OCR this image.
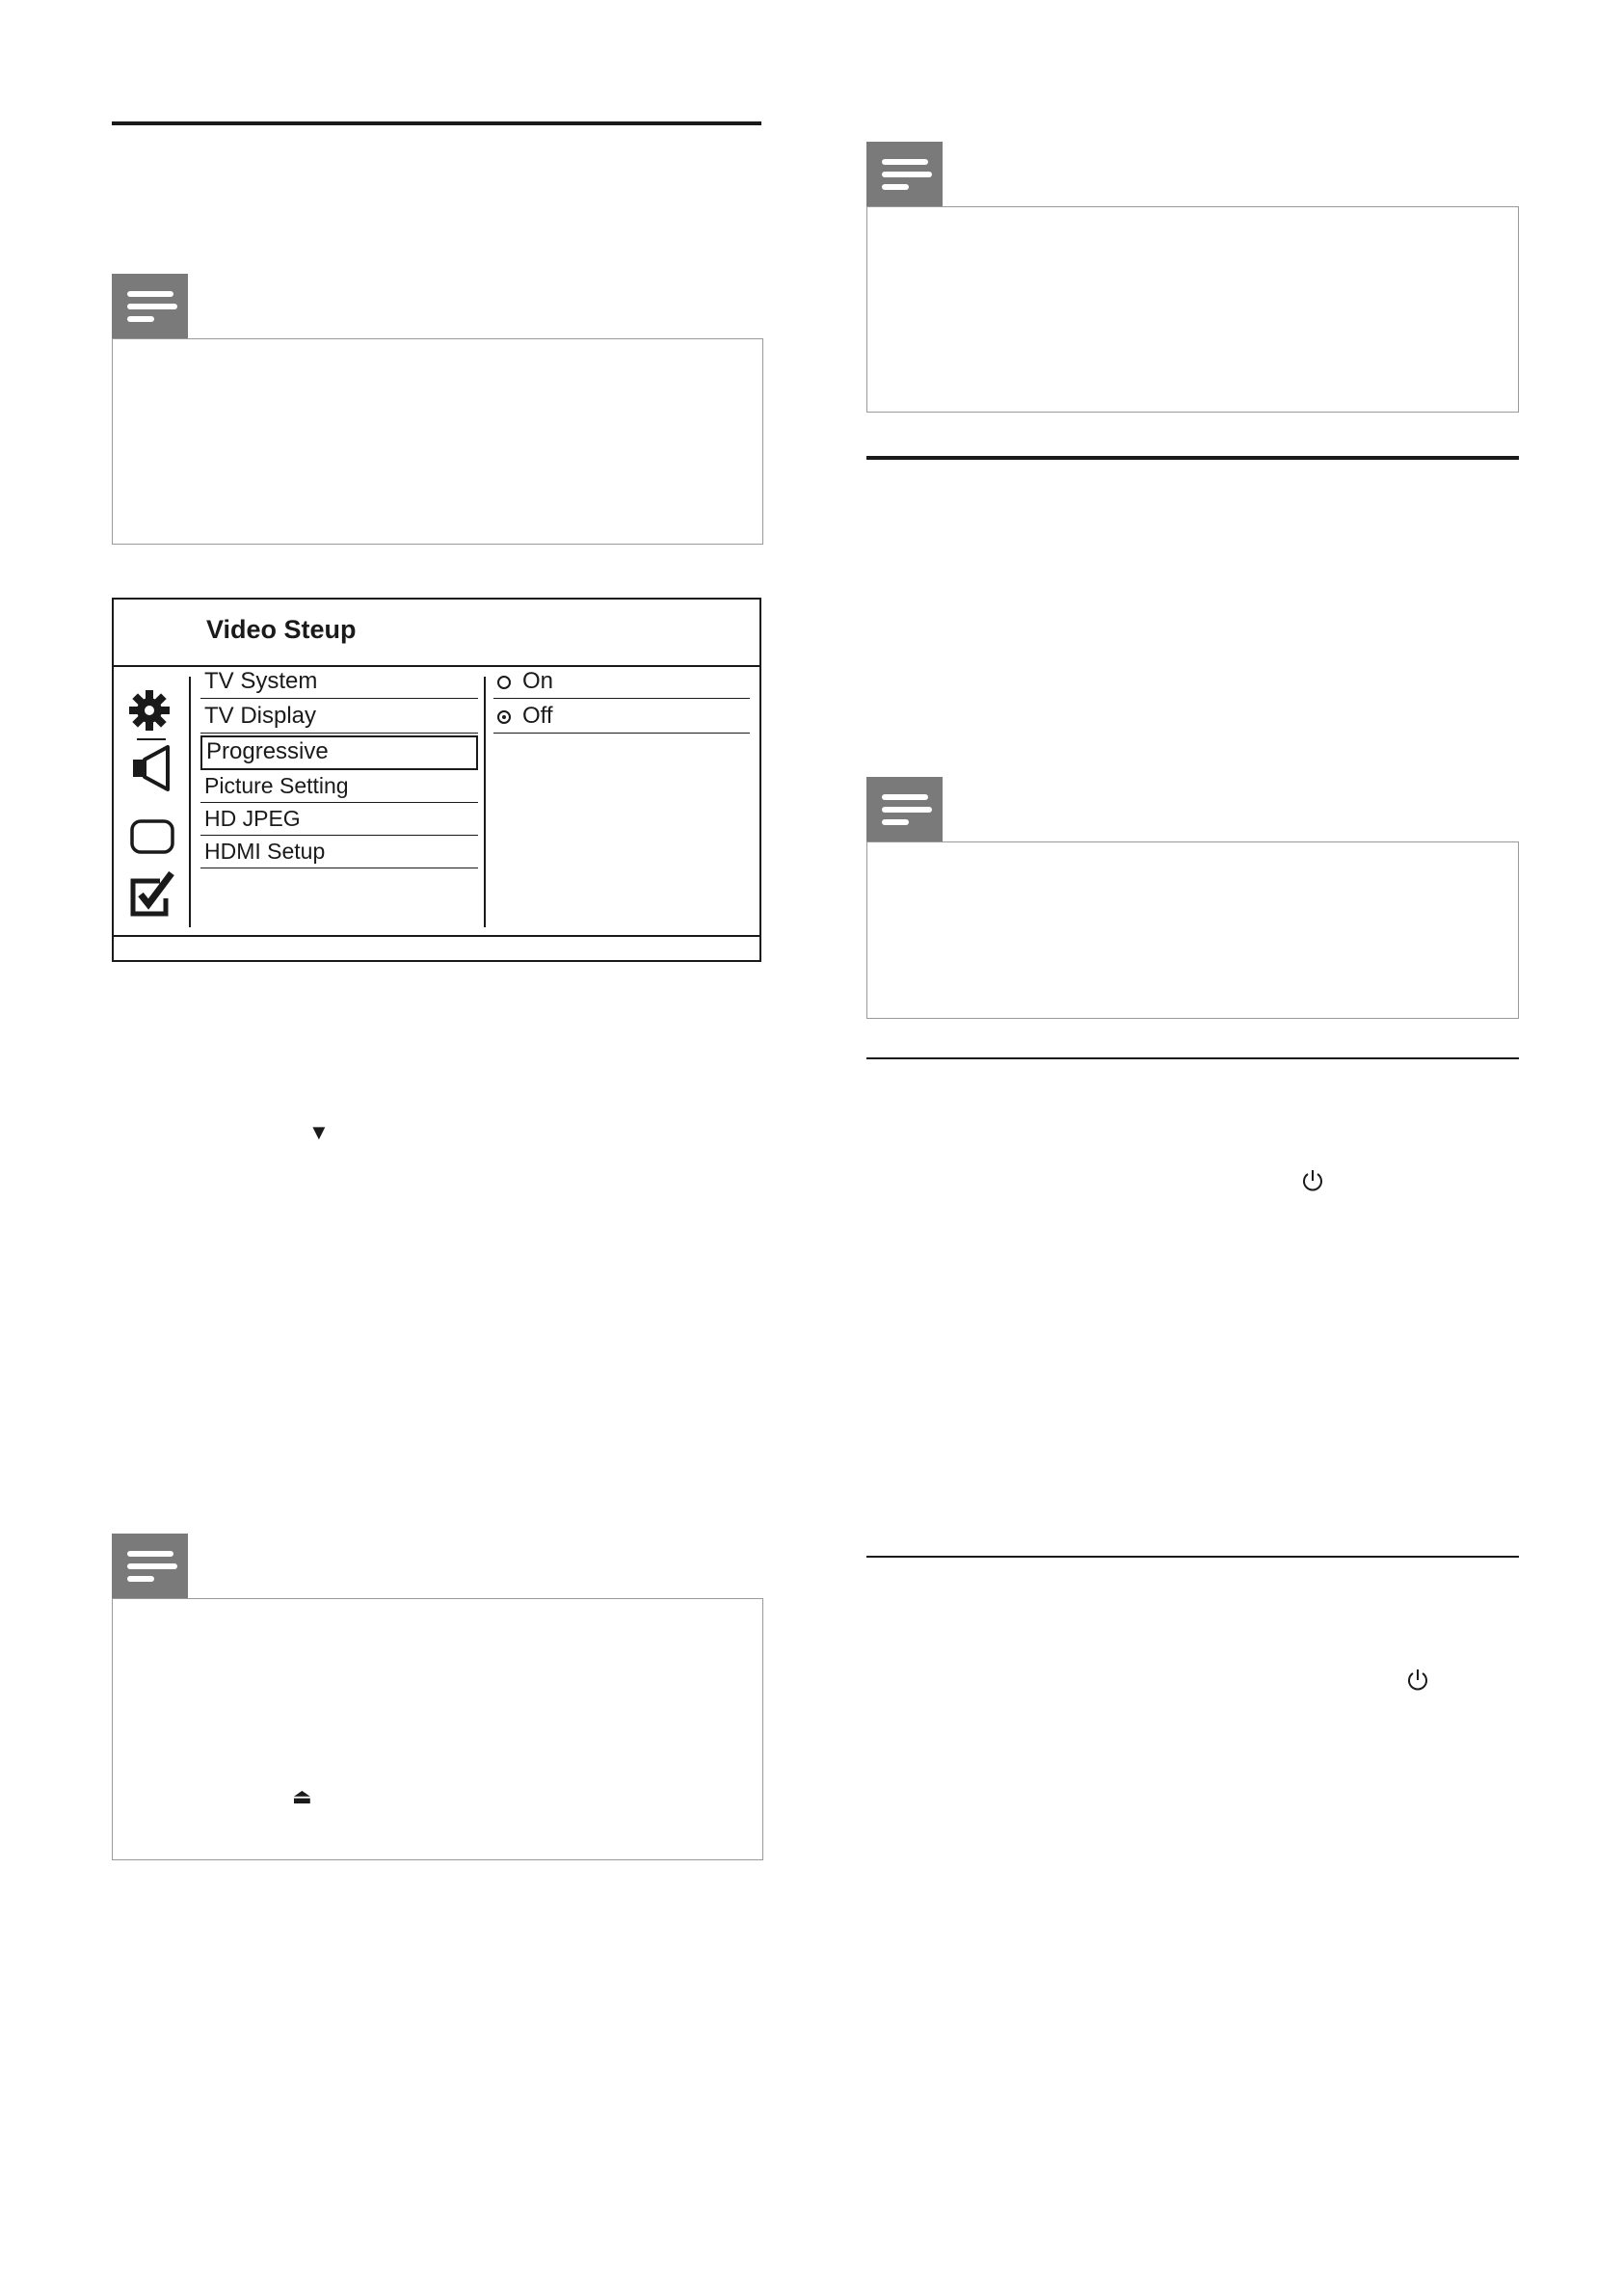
Video Steup
TV System
TV Display
Progressive
Picture Setting
HD JPEG
HDMI Setup
On
Off
▼
⏏
